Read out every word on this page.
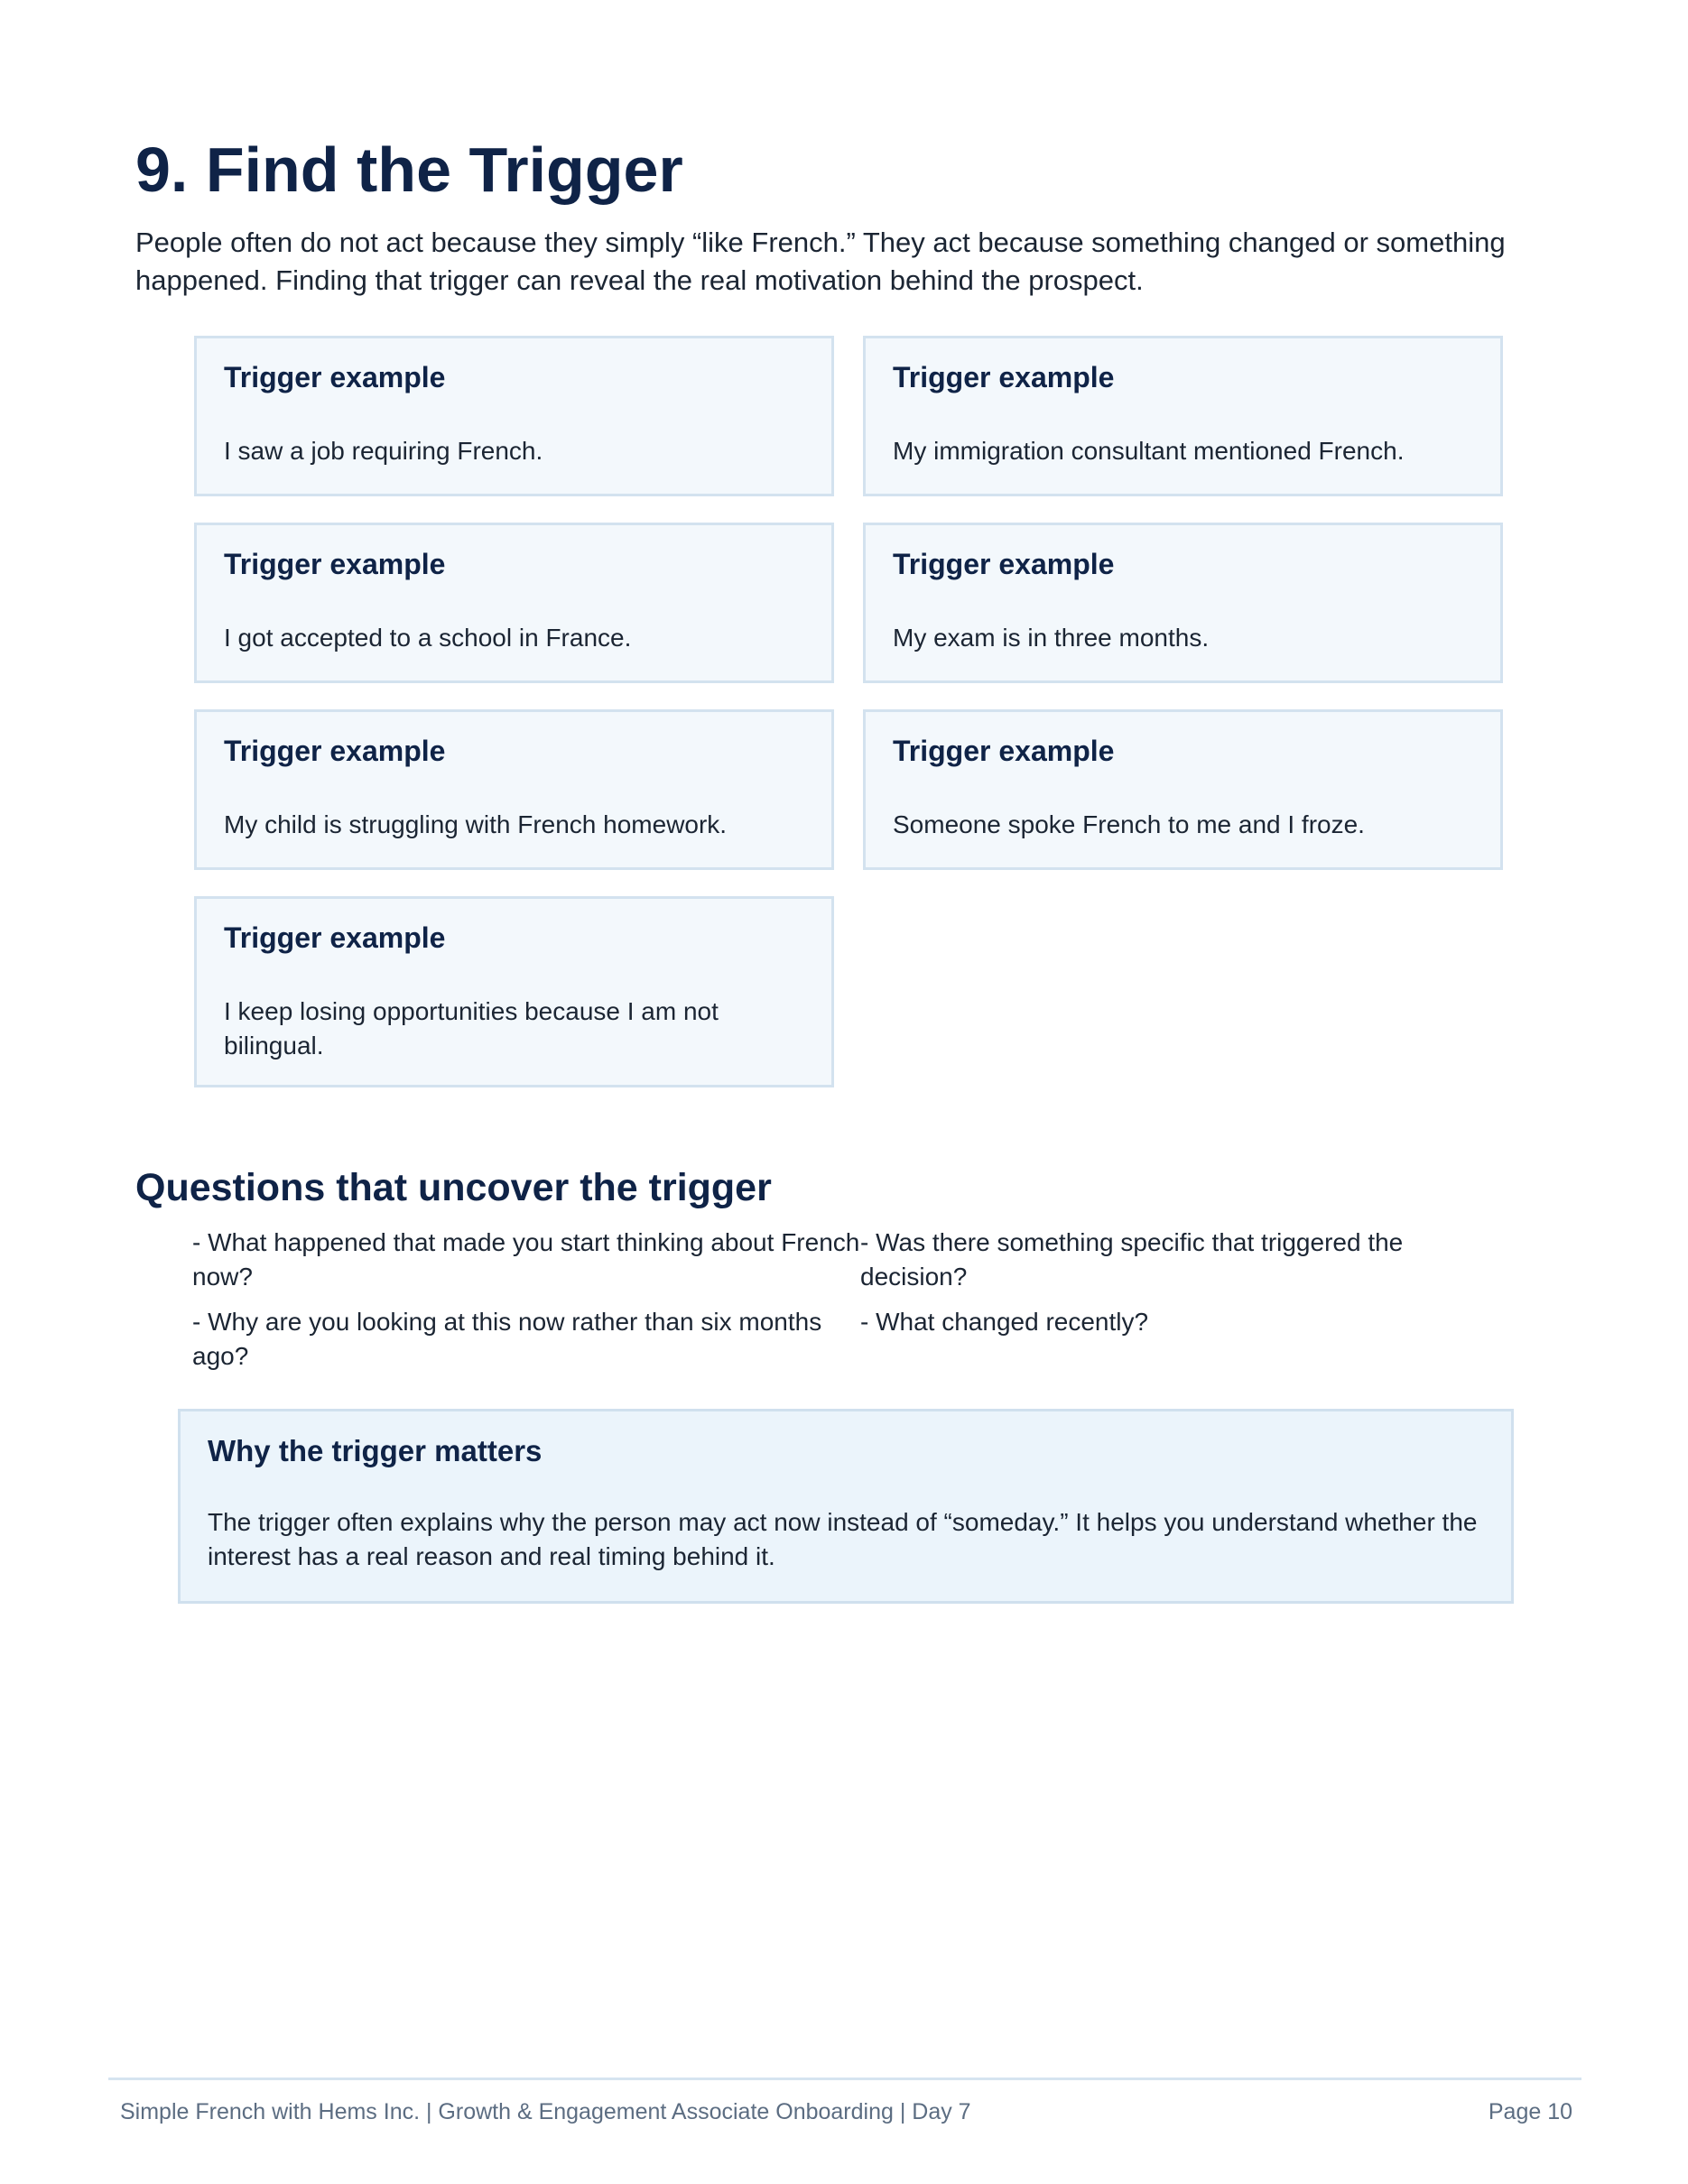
9. Find the Trigger

People often do not act because they simply “like French.” They act because something changed or something happened. Finding that trigger can reveal the real motivation behind the prospect.

Trigger example
I saw a job requiring French.
Trigger example
My immigration consultant mentioned French.
Trigger example
I got accepted to a school in France.
Trigger example
My exam is in three months.
Trigger example
My child is struggling with French homework.
Trigger example
Someone spoke French to me and I froze.
Trigger example
I keep losing opportunities because I am not bilingual.
Questions that uncover the trigger
- What happened that made you start thinking about French now?
- Was there something specific that triggered the decision?
- Why are you looking at this now rather than six months ago?
- What changed recently?
Why the trigger matters
The trigger often explains why the person may act now instead of “someday.” It helps you understand whether the interest has a real reason and real timing behind it.
Simple French with Hems Inc. | Growth & Engagement Associate Onboarding | Day 7	Page 10
